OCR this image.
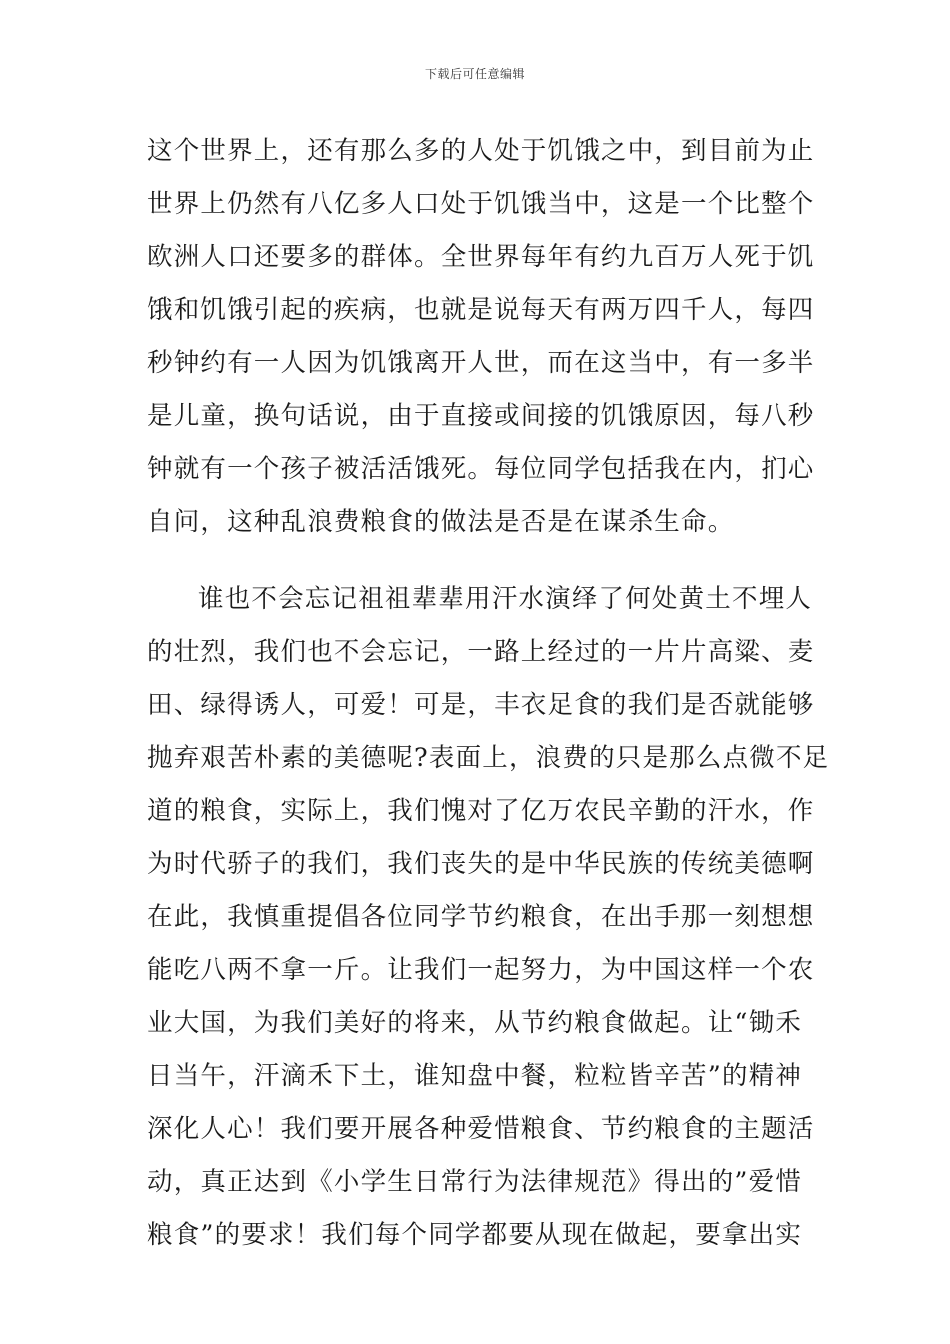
下载后可任意编辑
这个世界上，还有那么多的人处于饥饿之中，到目前为止
世界上仍然有八亿多人口处于饥饿当中，这是一个比整个
欧洲人口还要多的群体。全世界每年有约九百万人死于饥
饿和饥饿引起的疾病，也就是说每天有两万四千人，每四
秒钟约有一人因为饥饿离开人世，而在这当中，有一多半
是儿童，换句话说，由于直接或间接的饥饿原因，每八秒
钟就有一个孩子被活活饿死。每位同学包括我在内，扪心
自问，这种乱浪费粮食的做法是否是在谋杀生命。
谁也不会忘记祖祖辈辈用汗水演绎了何处黄土不埋人
的壮烈，我们也不会忘记，一路上经过的一片片高粱、麦
田、绿得诱人，可爱！可是，丰衣足食的我们是否就能够
抛弃艰苦朴素的美德呢?表面上，浪费的只是那么点微不足
道的粮食，实际上，我们愧对了亿万农民辛勤的汗水，作
为时代骄子的我们，我们丧失的是中华民族的传统美德啊
在此，我慎重提倡各位同学节约粮食，在出手那一刻想想
能吃八两不拿一斤。让我们一起努力，为中国这样一个农
业大国，为我们美好的将来，从节约粮食做起。让“锄禾
日当午，汗滴禾下土，谁知盘中餐，粒粒皆辛苦”的精神
深化人心！我们要开展各种爱惜粮食、节约粮食的主题活
动，真正达到《小学生日常行为法律规范》得出的”爱惜
粮食”的要求！我们每个同学都要从现在做起，要拿出实
